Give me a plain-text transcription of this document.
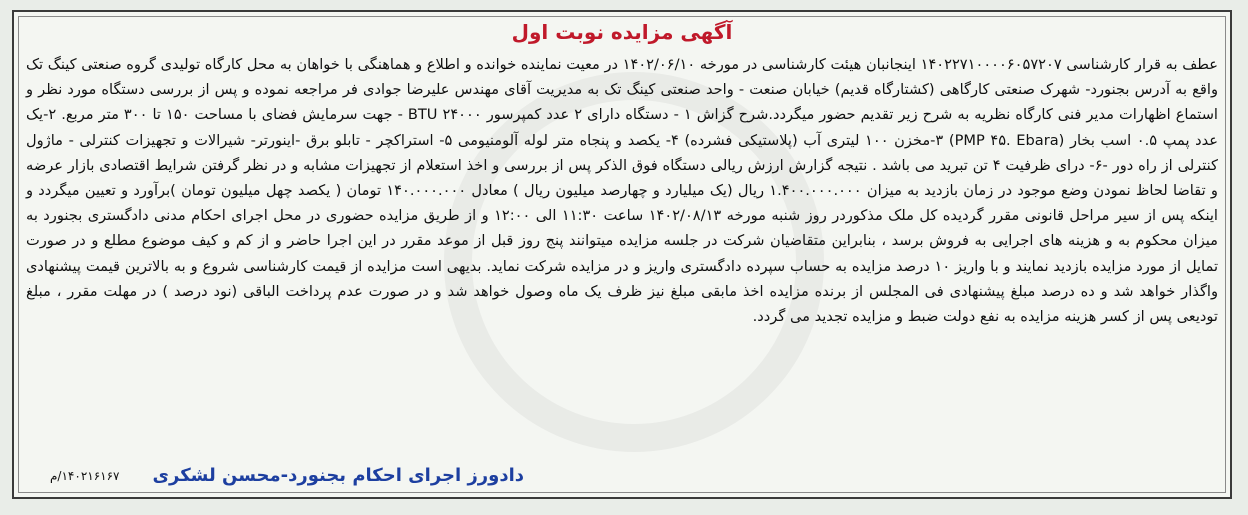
آگهی مزایده نوبت اول
عطف به قرار کارشناسی ۱۴۰۲۲۷۱۰۰۰۰۶۰۵۷۲۰۷ اینجانبان هیئت کارشناسی در مورخه ۱۴۰۲/۰۶/۱۰ در معیت نماینده خوانده و اطلاع و هماهنگی با خواهان به محل کارگاه تولیدی گروه صنعتی کینگ تک واقع به آدرس بجنورد- شهرک صنعتی کارگاهی (کشتارگاه قدیم) خیابان صنعت - واحد صنعتی کینگ تک به مدیریت آقای مهندس علیرضا جوادی فر مراجعه نموده و پس از بررسی دستگاه مورد نظر و استماع اظهارات مدیر فنی کارگاه نظریه به شرح زیر تقدیم حضور میگردد.شرح گزاش ۱ - دستگاه دارای ۲ عدد کمپرسور BTU ۲۴۰۰۰ - جهت سرمایش فضای با مساحت ۱۵۰ تا ۳۰۰ متر مربع. ۲-یک عدد پمپ ۰.۵ اسب بخار (PMP ۴۵. Ebara) ۳-مخزن ۱۰۰ لیتری آب (پلاستیکی فشرده) ۴- یکصد و پنجاه متر لوله آلومنیومی ۵- استراکچر - تابلو برق -اینورتر- شیرالات و تجهیزات کنترلی - ماژول کنترلی از راه دور -۶- درای ظرفیت ۴ تن تبرید می باشد . نتیجه گزارش ارزش ریالی دستگاه فوق الذکر پس از بررسی و اخذ استعلام از تجهیزات مشابه و در نظر گرفتن شرایط اقتصادی بازار عرضه و تقاضا لحاظ نمودن وضع موجود در زمان بازدید به میزان ۱.۴۰۰.۰۰۰.۰۰۰ ریال (یک میلیارد و چهارصد میلیون ریال ) معادل ۱۴۰.۰۰۰.۰۰۰ تومان ( یکصد چهل میلیون تومان )برآورد و تعیین میگردد و اینکه پس از سیر مراحل قانونی مقرر گردیده کل ملک مذکوردر روز شنبه مورخه ۱۴۰۲/۰۸/۱۳ ساعت ۱۱:۳۰ الی ۱۲:۰۰ و از طریق مزایده حضوری در محل اجرای احکام مدنی دادگستری بجنورد به میزان محکوم به و هزینه های اجرایی به فروش برسد ، بنابراین متقاضیان شرکت در جلسه مزایده میتوانند پنج روز قبل از موعد مقرر در این اجرا حاضر و از کم و کیف موضوع مطلع و در صورت تمایل از مورد مزایده بازدید نمایند و با واریز ۱۰ درصد مزایده به حساب سپرده دادگستری واریز و در مزایده شرکت نماید. بدیهی است مزایده از قیمت کارشناسی شروع و به بالاترین قیمت پیشنهادی واگذار خواهد شد و ده درصد مبلغ پیشنهادی فی المجلس از برنده مزایده اخذ مابقی مبلغ نیز ظرف یک ماه وصول خواهد شد و در صورت عدم پرداخت الباقی (نود درصد ) در مهلت مقرر ، مبلغ تودیعی پس از کسر هزینه مزایده به نفع دولت ضبط و مزایده تجدید می گردد.
دادورز اجرای احکام بجنورد-محسن لشکری
۱۴۰۲۱۶۱۶۷/م
